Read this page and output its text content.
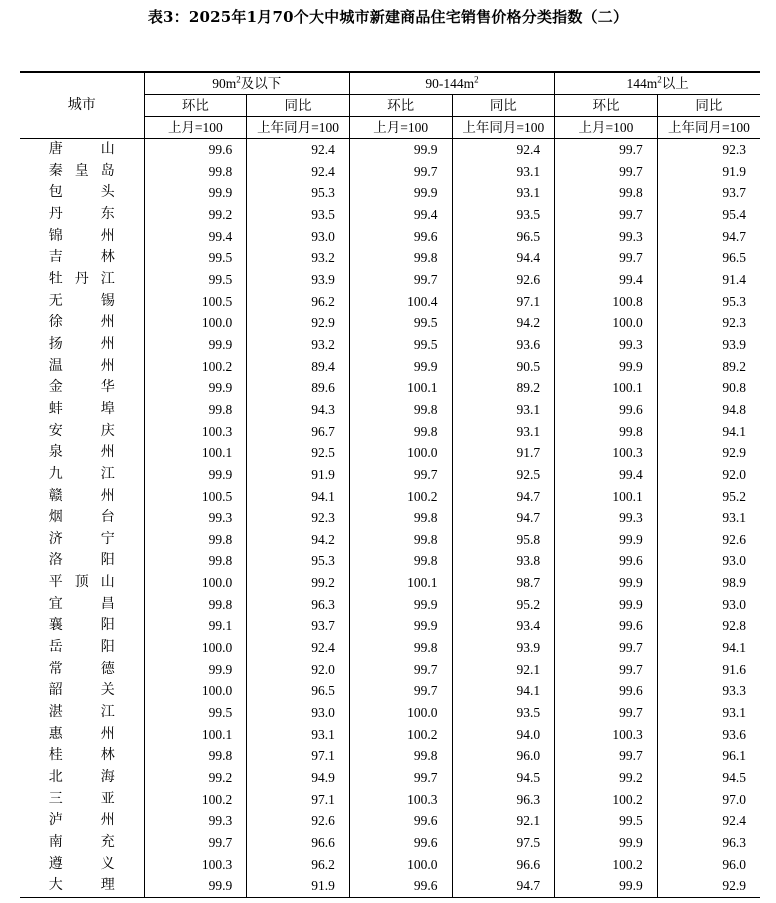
表3：2025年1月70个大中城市新建商品住宅销售价格分类指数（二）
城市	$90m^2$及以下		$90-144m^2$		$144m^2$以上	
	环比	同比	环比	同比	环比	同比
	上月=100	上年同月=100	上月=100	上年同月=100	上月=100	上年同月=100
唐山	99.6	92.4	99.9	92.4	99.7	92.3
秦皇岛	99.8	92.4	99.7	93.1	99.7	91.9
包头	99.9	95.3	99.9	93.1	99.8	93.7
丹东	99.2	93.5	99.4	93.5	99.7	95.4
锦州	99.4	93.0	99.6	96.5	99.3	94.7
吉林	99.5	93.2	99.8	94.4	99.7	96.5
牡丹江	99.5	93.9	99.7	92.6	99.4	91.4
无锡	100.5	96.2	100.4	97.1	100.8	95.3
徐州	100.0	92.9	99.5	94.2	100.0	92.3
扬州	99.9	93.2	99.5	93.6	99.3	93.9
温州	100.2	89.4	99.9	90.5	99.9	89.2
金华	99.9	89.6	100.1	89.2	100.1	90.8
蚌埠	99.8	94.3	99.8	93.1	99.6	94.8
安庆	100.3	96.7	99.8	93.1	99.8	94.1
泉州	100.1	92.5	100.0	91.7	100.3	92.9
九江	99.9	91.9	99.7	92.5	99.4	92.0
赣州	100.5	94.1	100.2	94.7	100.1	95.2
烟台	99.3	92.3	99.8	94.7	99.3	93.1
济宁	99.8	94.2	99.8	95.8	99.9	92.6
洛阳	99.8	95.3	99.8	93.8	99.6	93.0
平顶山	100.0	99.2	100.1	98.7	99.9	98.9
宜昌	99.8	96.3	99.9	95.2	99.9	93.0
襄阳	99.1	93.7	99.9	93.4	99.6	92.8
岳阳	100.0	92.4	99.8	93.9	99.7	94.1
常德	99.9	92.0	99.7	92.1	99.7	91.6
韶关	100.0	96.5	99.7	94.1	99.6	93.3
湛江	99.5	93.0	100.0	93.5	99.7	93.1
惠州	100.1	93.1	100.2	94.0	100.3	93.6
桂林	99.8	97.1	99.8	96.0	99.7	96.1
北海	99.2	94.9	99.7	94.5	99.2	94.5
三亚	100.2	97.1	100.3	96.3	100.2	97.0
泸州	99.3	92.6	99.6	92.1	99.5	92.4
南充	99.7	96.6	99.6	97.5	99.9	96.3
遵义	100.3	96.2	100.0	96.6	100.2	96.0
大理	99.9	91.9	99.6	94.7	99.9	92.9
